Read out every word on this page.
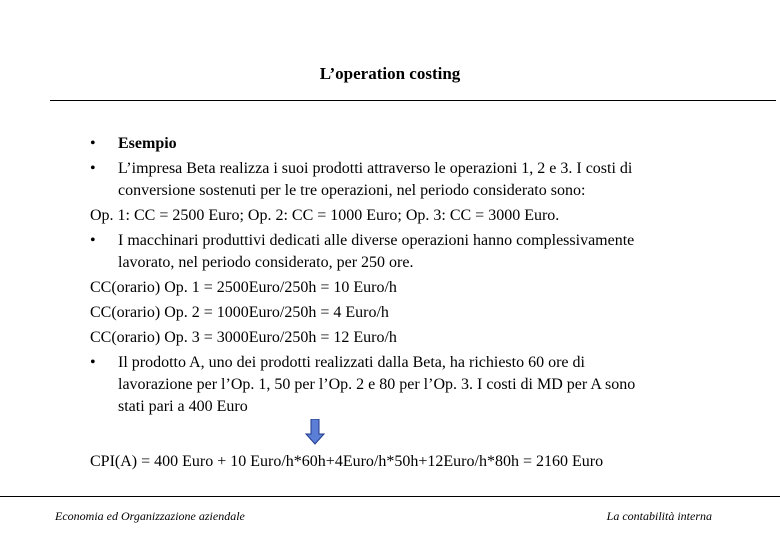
L’operation costing
• Esempio
• L’impresa Beta realizza i suoi prodotti attraverso le operazioni 1, 2 e 3. I costi di
conversione sostenuti per le tre operazioni, nel periodo considerato sono:
Op. 1: CC = 2500 Euro; Op. 2: CC = 1000 Euro; Op. 3: CC = 3000 Euro.
• I macchinari produttivi dedicati alle diverse operazioni hanno complessivamente
lavorato, nel periodo considerato, per 250 ore.
CC(orario) Op. 1 = 2500Euro/250h = 10 Euro/h
CC(orario) Op. 2 = 1000Euro/250h = 4 Euro/h
CC(orario) Op. 3 = 3000Euro/250h = 12 Euro/h
• Il prodotto A, uno dei prodotti realizzati dalla Beta, ha richiesto 60 ore di
lavorazione per l’Op. 1, 50 per l’Op. 2 e 80 per l’Op. 3. I costi di MD per A sono
stati pari a 400 Euro
CPI(A) = 400 Euro + 10 Euro/h*60h+4Euro/h*50h+12Euro/h*80h = 2160 Euro
Economia ed Organizzazione aziendale	La contabilità interna
